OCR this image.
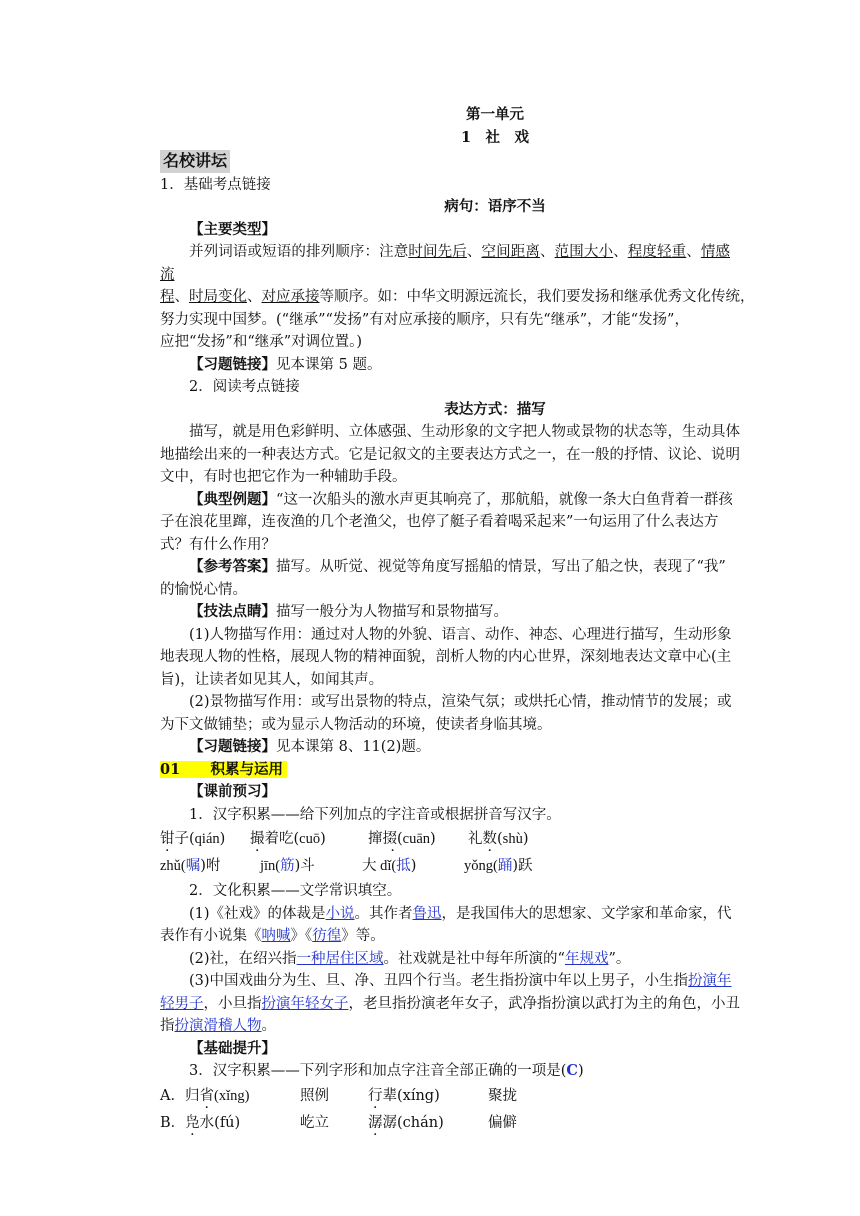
第一单元
1　社　戏
名校讲坛
1．基础考点链接
病句：语序不当
【主要类型】
并列词语或短语的排列顺序：注意时间先后、空间距离、范围大小、程度轻重、情感流
程、时局变化、对应承接等顺序。如：中华文明源远流长，我们要发扬和继承优秀文化传统，
努力实现中国梦。(“继承”“发扬”有对应承接的顺序，只有先“继承”，才能“发扬”，
应把“发扬”和“继承”对调位置。)
【习题链接】见本课第 5 题。
2．阅读考点链接
表达方式：描写
描写，就是用色彩鲜明、立体感强、生动形象的文字把人物或景物的状态等，生动具体
地描绘出来的一种表达方式。它是记叙文的主要表达方式之一，在一般的抒情、议论、说明
文中，有时也把它作为一种辅助手段。
【典型例题】“这一次船头的激水声更其响亮了，那航船，就像一条大白鱼背着一群孩
子在浪花里蹿，连夜渔的几个老渔父，也停了艇子看着喝采起来”一句运用了什么表达方
式？有什么作用？
【参考答案】描写。从听觉、视觉等角度写摇船的情景，写出了船之快，表现了“我”
的愉悦心情。
【技法点睛】描写一般分为人物描写和景物描写。
(1)人物描写作用：通过对人物的外貌、语言、动作、神态、心理进行描写，生动形象
地表现人物的性格，展现人物的精神面貌，剖析人物的内心世界，深刻地表达文章中心(主
旨)，让读者如见其人，如闻其声。
(2)景物描写作用：或写出景物的特点，渲染气氛；或烘托心情，推动情节的发展；或
为下文做铺垫；或为显示人物活动的环境，使读者身临其境。
【习题链接】见本课第 8、11(2)题。
01 积累与运用
【课前预习】
1．汉字积累——给下列加点的字注音或根据拼音写汉字。
钳子(qián)	撮着吃(cuō)	撺掇( ·cuān)	礼数(shù)
zhǔ(嘱)咐	jīn(筋)斗	大 dǐ(抵)	yǒng(踊)跃
2．文化积累——文学常识填空。
(1)《社戏》的体裁是小说。其作者鲁迅，是我国伟大的思想家、文学家和革命家，代
表作有小说集《呐喊》《彷徨》等。
(2)社，在绍兴指一种居住区域。社戏就是社中每年所演的“年规戏”。
(3)中国戏曲分为生、旦、净、丑四个行当。老生指扮演中年以上男子，小生指扮演年
轻男子，小旦指扮演年轻女子，老旦指扮演老年女子，武净指扮演以武打为主的角色，小丑
指扮演滑稽人物。
【基础提升】
3．汉字积累——下列字形和加点字注音全部正确的一项是(C)
A．归省(xǐng)	照例	行辈(xíng)	聚拢
B．凫水(fú)	屹立	潺潺(chán)	偏僻
